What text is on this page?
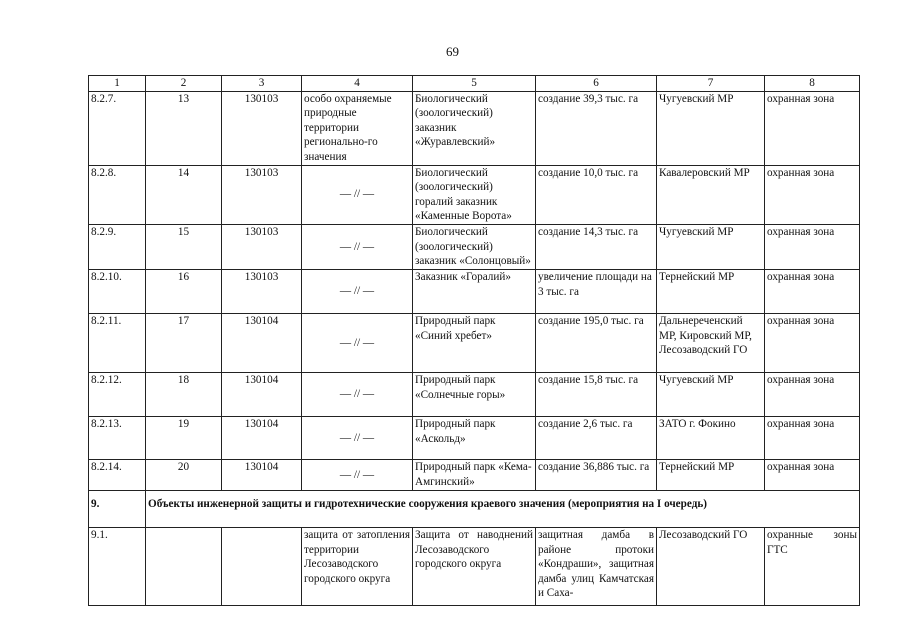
69
1	2	3	4	5	6	7	8
8.2.7.	13	130103	особо охраняемые природные территории регионально-го значения	Биологический (зоологический) заказник «Журавлевский»	создание 39,3 тыс. га	Чугуевский МР	охранная зона
8.2.8.	14	130103	— // —	Биологический (зоологический) горалий заказник «Каменные Ворота»	создание 10,0 тыс. га	Кавалеровский МР	охранная зона
8.2.9.	15	130103	— // —	Биологический (зоологический) заказник «Солонцовый»	создание 14,3 тыс. га	Чугуевский МР	охранная зона
8.2.10.	16	130103	— // —	Заказник «Горалий»	увеличение площади на 3 тыс. га	Тернейский МР	охранная зона
8.2.11.	17	130104	— // —	Природный парк «Синий хребет»	создание 195,0 тыс. га	Дальнереченский МР, Кировский МР, Лесозаводский ГО	охранная зона
8.2.12.	18	130104	— // —	Природный парк «Солнечные горы»	создание 15,8 тыс. га	Чугуевский МР	охранная зона
8.2.13.	19	130104	— // —	Природный парк «Аскольд»	создание 2,6 тыс. га	ЗАТО г. Фокино	охранная зона
8.2.14.	20	130104	— // —	Природный парк «Кема-Амгинский»	создание 36,886 тыс. га	Тернейский МР	охранная зона
9.	Объекты инженерной защиты и гидротехнические сооружения краевого значения (мероприятия на I очередь)						
9.1.			защита от затопления территории Лесозаводского городского округа	Защита от наводнений Лесозаводского городского округа	защитная дамба в районе протоки «Кондраши», защитная дамба улиц Камчатская и Саха-	Лесозаводский ГО	охранные зоны ГТС
